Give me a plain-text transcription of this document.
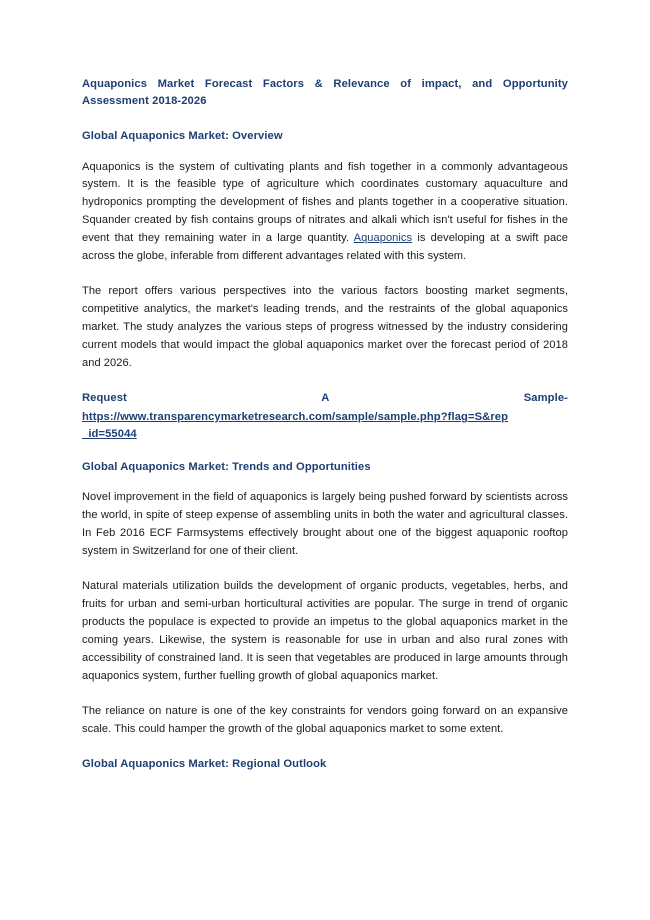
Aquaponics Market Forecast Factors & Relevance of impact, and Opportunity Assessment 2018-2026
Global Aquaponics Market: Overview

Aquaponics is the system of cultivating plants and fish together in a commonly advantageous system. It is the feasible type of agriculture which coordinates customary aquaculture and hydroponics prompting the development of fishes and plants together in a cooperative situation. Squander created by fish contains groups of nitrates and alkali which isn't useful for fishes in the event that they remaining water in a large quantity. Aquaponics is developing at a swift pace across the globe, inferable from different advantages related with this system.

The report offers various perspectives into the various factors boosting market segments, competitive analytics, the market's leading trends, and the restraints of the global aquaponics market. The study analyzes the various steps of progress witnessed by the industry considering current models that would impact the global aquaponics market over the forecast period of 2018 and 2026.

Request	A	Sample-
https://www.transparencymarketresearch.com/sample/sample.php?flag=S&rep
_id=55044
Global Aquaponics Market: Trends and Opportunities

Novel improvement in the field of aquaponics is largely being pushed forward by scientists across the world, in spite of steep expense of assembling units in both the water and agricultural classes. In Feb 2016 ECF Farmsystems effectively brought about one of the biggest aquaponic rooftop system in Switzerland for one of their client.

Natural materials utilization builds the development of organic products, vegetables, herbs, and fruits for urban and semi-urban horticultural activities are popular. The surge in trend of organic products the populace is expected to provide an impetus to the global aquaponics market in the coming years. Likewise, the system is reasonable for use in urban and also rural zones with accessibility of constrained land. It is seen that vegetables are produced in large amounts through aquaponics system, further fuelling growth of global aquaponics market.

The reliance on nature is one of the key constraints for vendors going forward on an expansive scale. This could hamper the growth of the global aquaponics market to some extent.

Global Aquaponics Market: Regional Outlook
